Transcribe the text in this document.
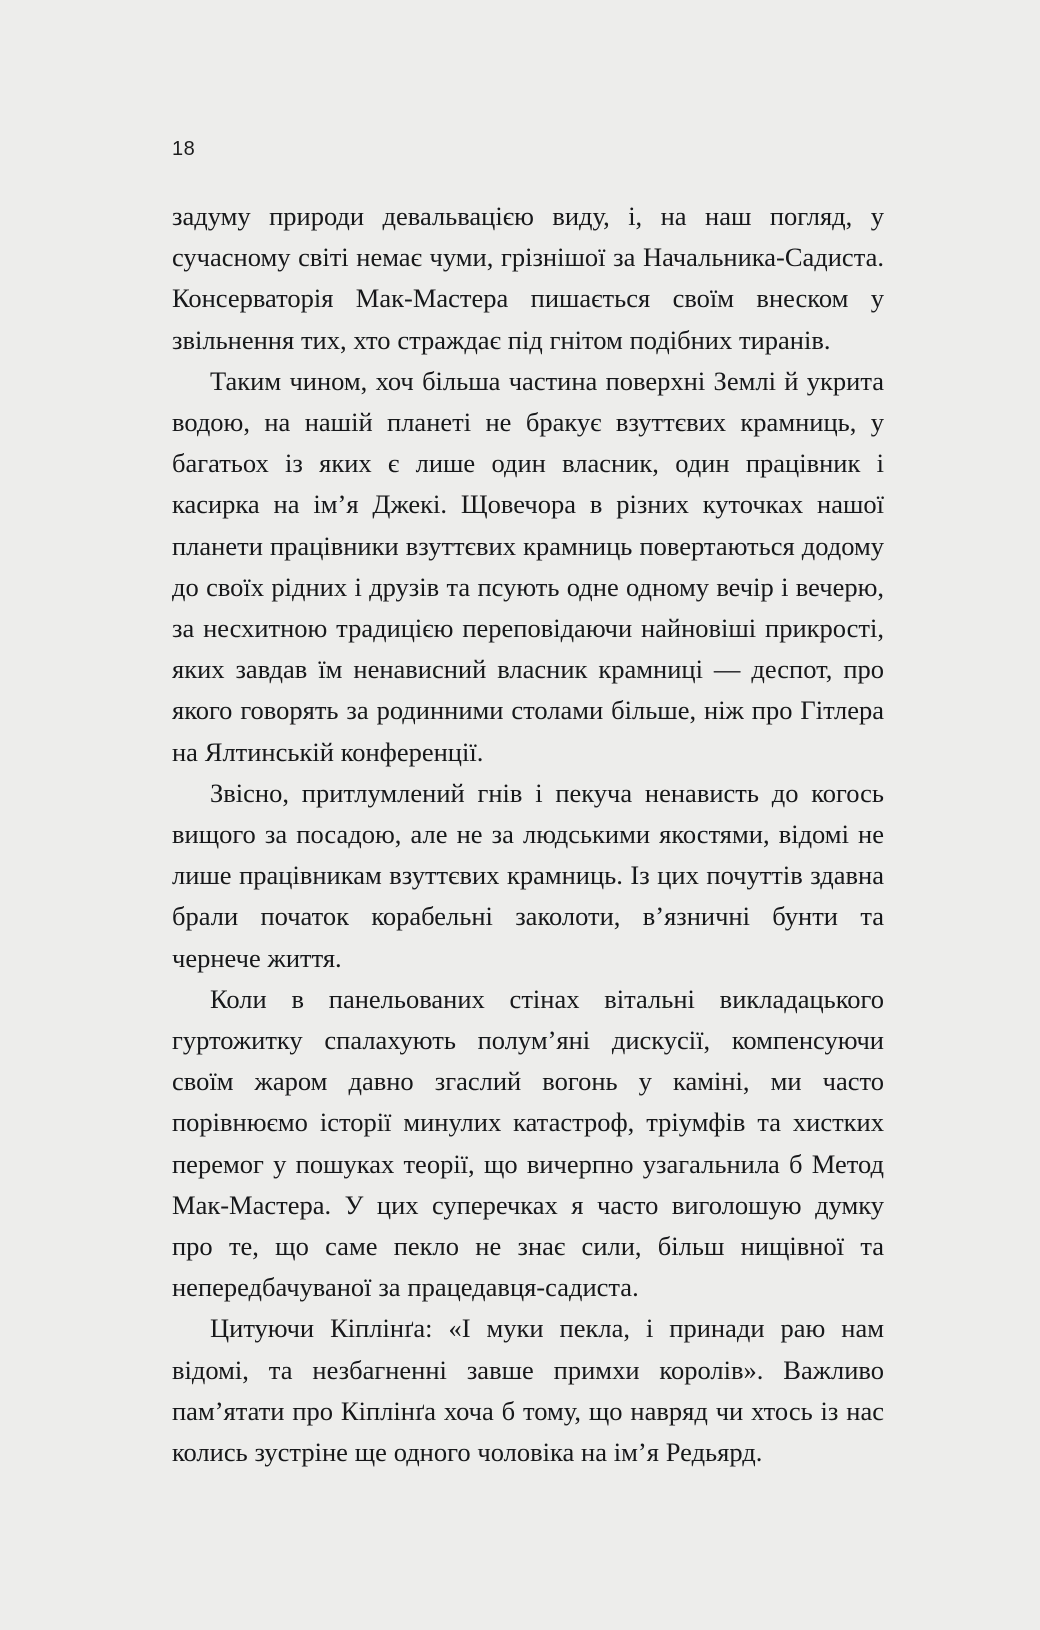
18

задуму природи девальвацією виду, і, на наш погляд, у сучасному світі немає чуми, грізнішої за Начальника-Садиста. Консерваторія Мак-Мастера пишається своїм внеском у звільнення тих, хто страждає під гнітом подібних тиранів.

Таким чином, хоч більша частина поверхні Землі й укрита водою, на нашій планеті не бракує взуттєвих крамниць, у багатьох із яких є лише один власник, один працівник і касирка на ім’я Джекі. Щовечора в різних куточках нашої планети працівники взуттєвих крамниць повертаються додому до своїх рідних і друзів та псують одне одному вечір і вечерю, за несхитною традицією переповідаючи найновіші прикрості, яких завдав їм ненависний власник крамниці — деспот, про якого говорять за родинними столами більше, ніж про Гітлера на Ялтинській конференції.

Звісно, притлумлений гнів і пекуча ненависть до когось вищого за посадою, але не за людськими якостями, відомі не лише працівникам взуттєвих крамниць. Із цих почуттів здавна брали початок корабельні заколоти, в’язничні бунти та чернече життя.

Коли в панельованих стінах вітальні викладацького гуртожитку спалахують полум’яні дискусії, компенсуючи своїм жаром давно згаслий вогонь у каміні, ми часто порівнюємо історії минулих катастроф, тріумфів та хистких перемог у пошуках теорії, що вичерпно узагальнила б Метод Мак-Мастера. У цих суперечках я часто виголошую думку про те, що саме пекло не знає сили, більш нищівної та непередбачуваної за працедавця-садиста.

Цитуючи Кіплінґа: «І муки пекла, і принади раю нам відомі, та незбагненні завше примхи королів». Важливо пам’ятати про Кіплінґа хоча б тому, що навряд чи хтось із нас колись зустріне ще одного чоловіка на ім’я Редьярд.
